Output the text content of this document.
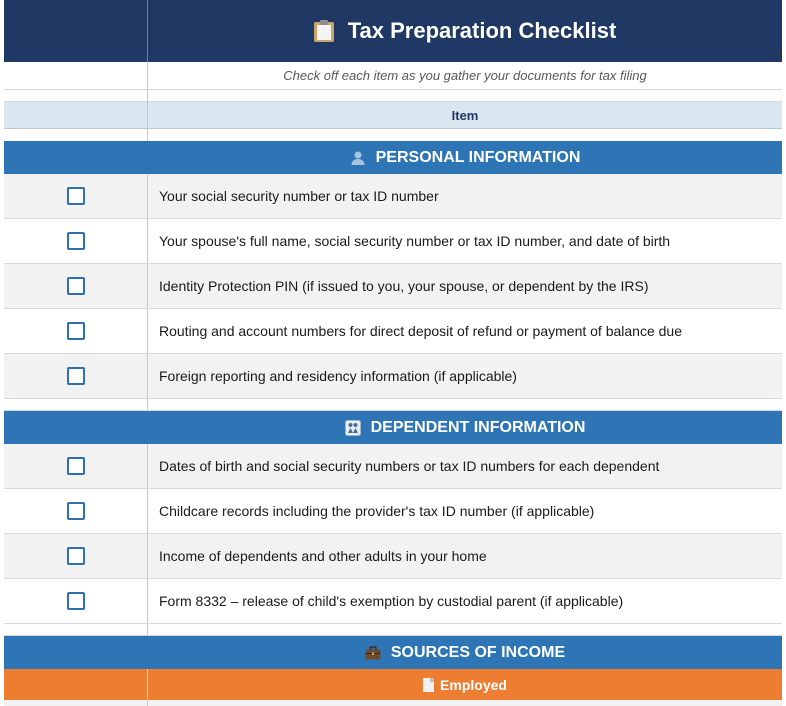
Tax Preparation Checklist
Check off each item as you gather your documents for tax filing
Item
PERSONAL INFORMATION
Your social security number or tax ID number
Your spouse's full name, social security number or tax ID number, and date of birth
Identity Protection PIN (if issued to you, your spouse, or dependent by the IRS)
Routing and account numbers for direct deposit of refund or payment of balance due
Foreign reporting and residency information (if applicable)
DEPENDENT INFORMATION
Dates of birth and social security numbers or tax ID numbers for each dependent
Childcare records including the provider's tax ID number (if applicable)
Income of dependents and other adults in your home
Form 8332 – release of child's exemption by custodial parent (if applicable)
SOURCES OF INCOME
Employed
